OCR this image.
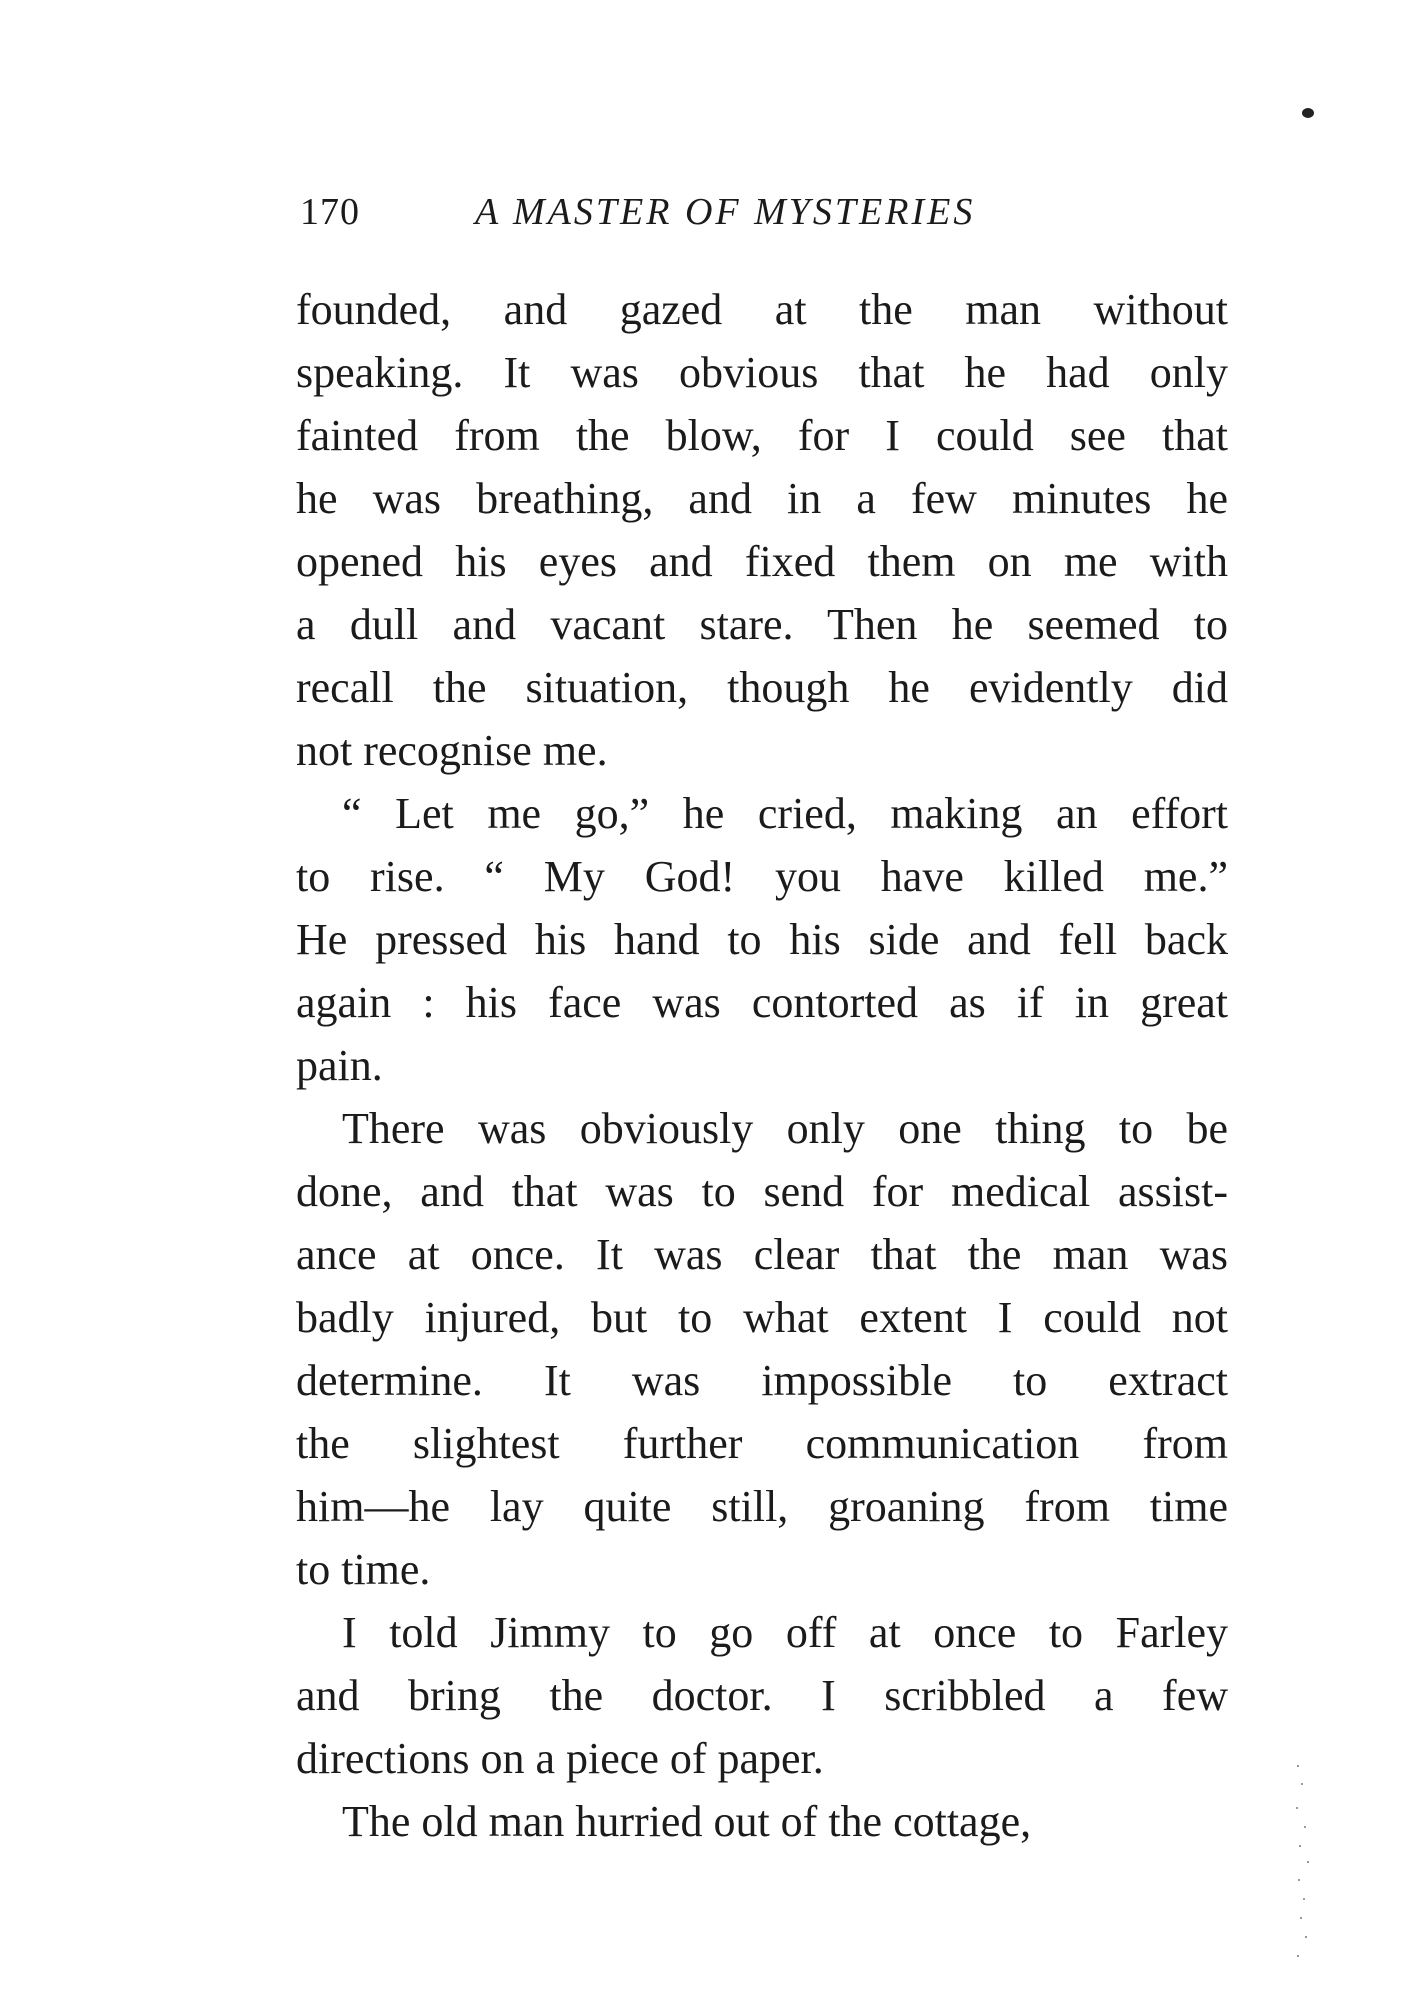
170	A MASTER OF MYSTERIES
founded, and gazed at the man without
speaking. It was obvious that he had only
fainted from the blow, for I could see that
he was breathing, and in a few minutes he
opened his eyes and fixed them on me with
a dull and vacant stare. Then he seemed to
recall the situation, though he evidently did
not recognise me.
“ Let me go,” he cried, making an effort
to rise. “ My God! you have killed me.”
He pressed his hand to his side and fell back
again : his face was contorted as if in great
pain.
There was obviously only one thing to be
done, and that was to send for medical assist-
ance at once. It was clear that the man was
badly injured, but to what extent I could not
determine. It was impossible to extract
the slightest further communication from
him—he lay quite still, groaning from time
to time.
I told Jimmy to go off at once to Farley
and bring the doctor. I scribbled a few
directions on a piece of paper.
The old man hurried out of the cottage,
